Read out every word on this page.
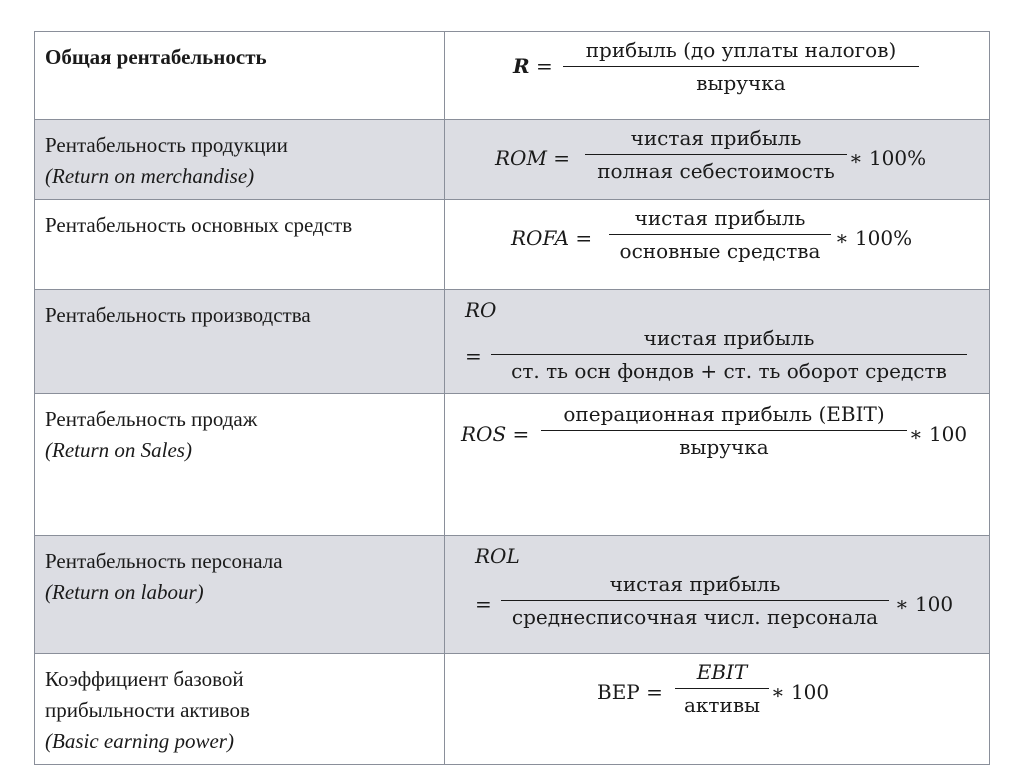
Общая рентабельность	R =
прибыль (до уплаты налогов)
выручка

Рентабельность продукции
(Return on merchandise)	ROM =
чистая прибыль
полная себестоимость
∗ 100%

Рентабельность основных средств	ROFA =
чистая прибыль
основные средства
∗ 100%

Рентабельность производства	RO
=
чистая прибыль
ст. ть осн фондов + ст. ть оборот средств

Рентабельность продаж
(Return on Sales)	ROS =
операционная прибыль (EBIT)
выручка
∗ 100

Рентабельность персонала
(Return on labour)	ROL
=
чистая прибыль
среднесписочная числ. персонала
∗ 100

Коэффициент базовой
прибыльности активов
(Basic earning power)	BEP =
EBIT
активы
∗ 100
